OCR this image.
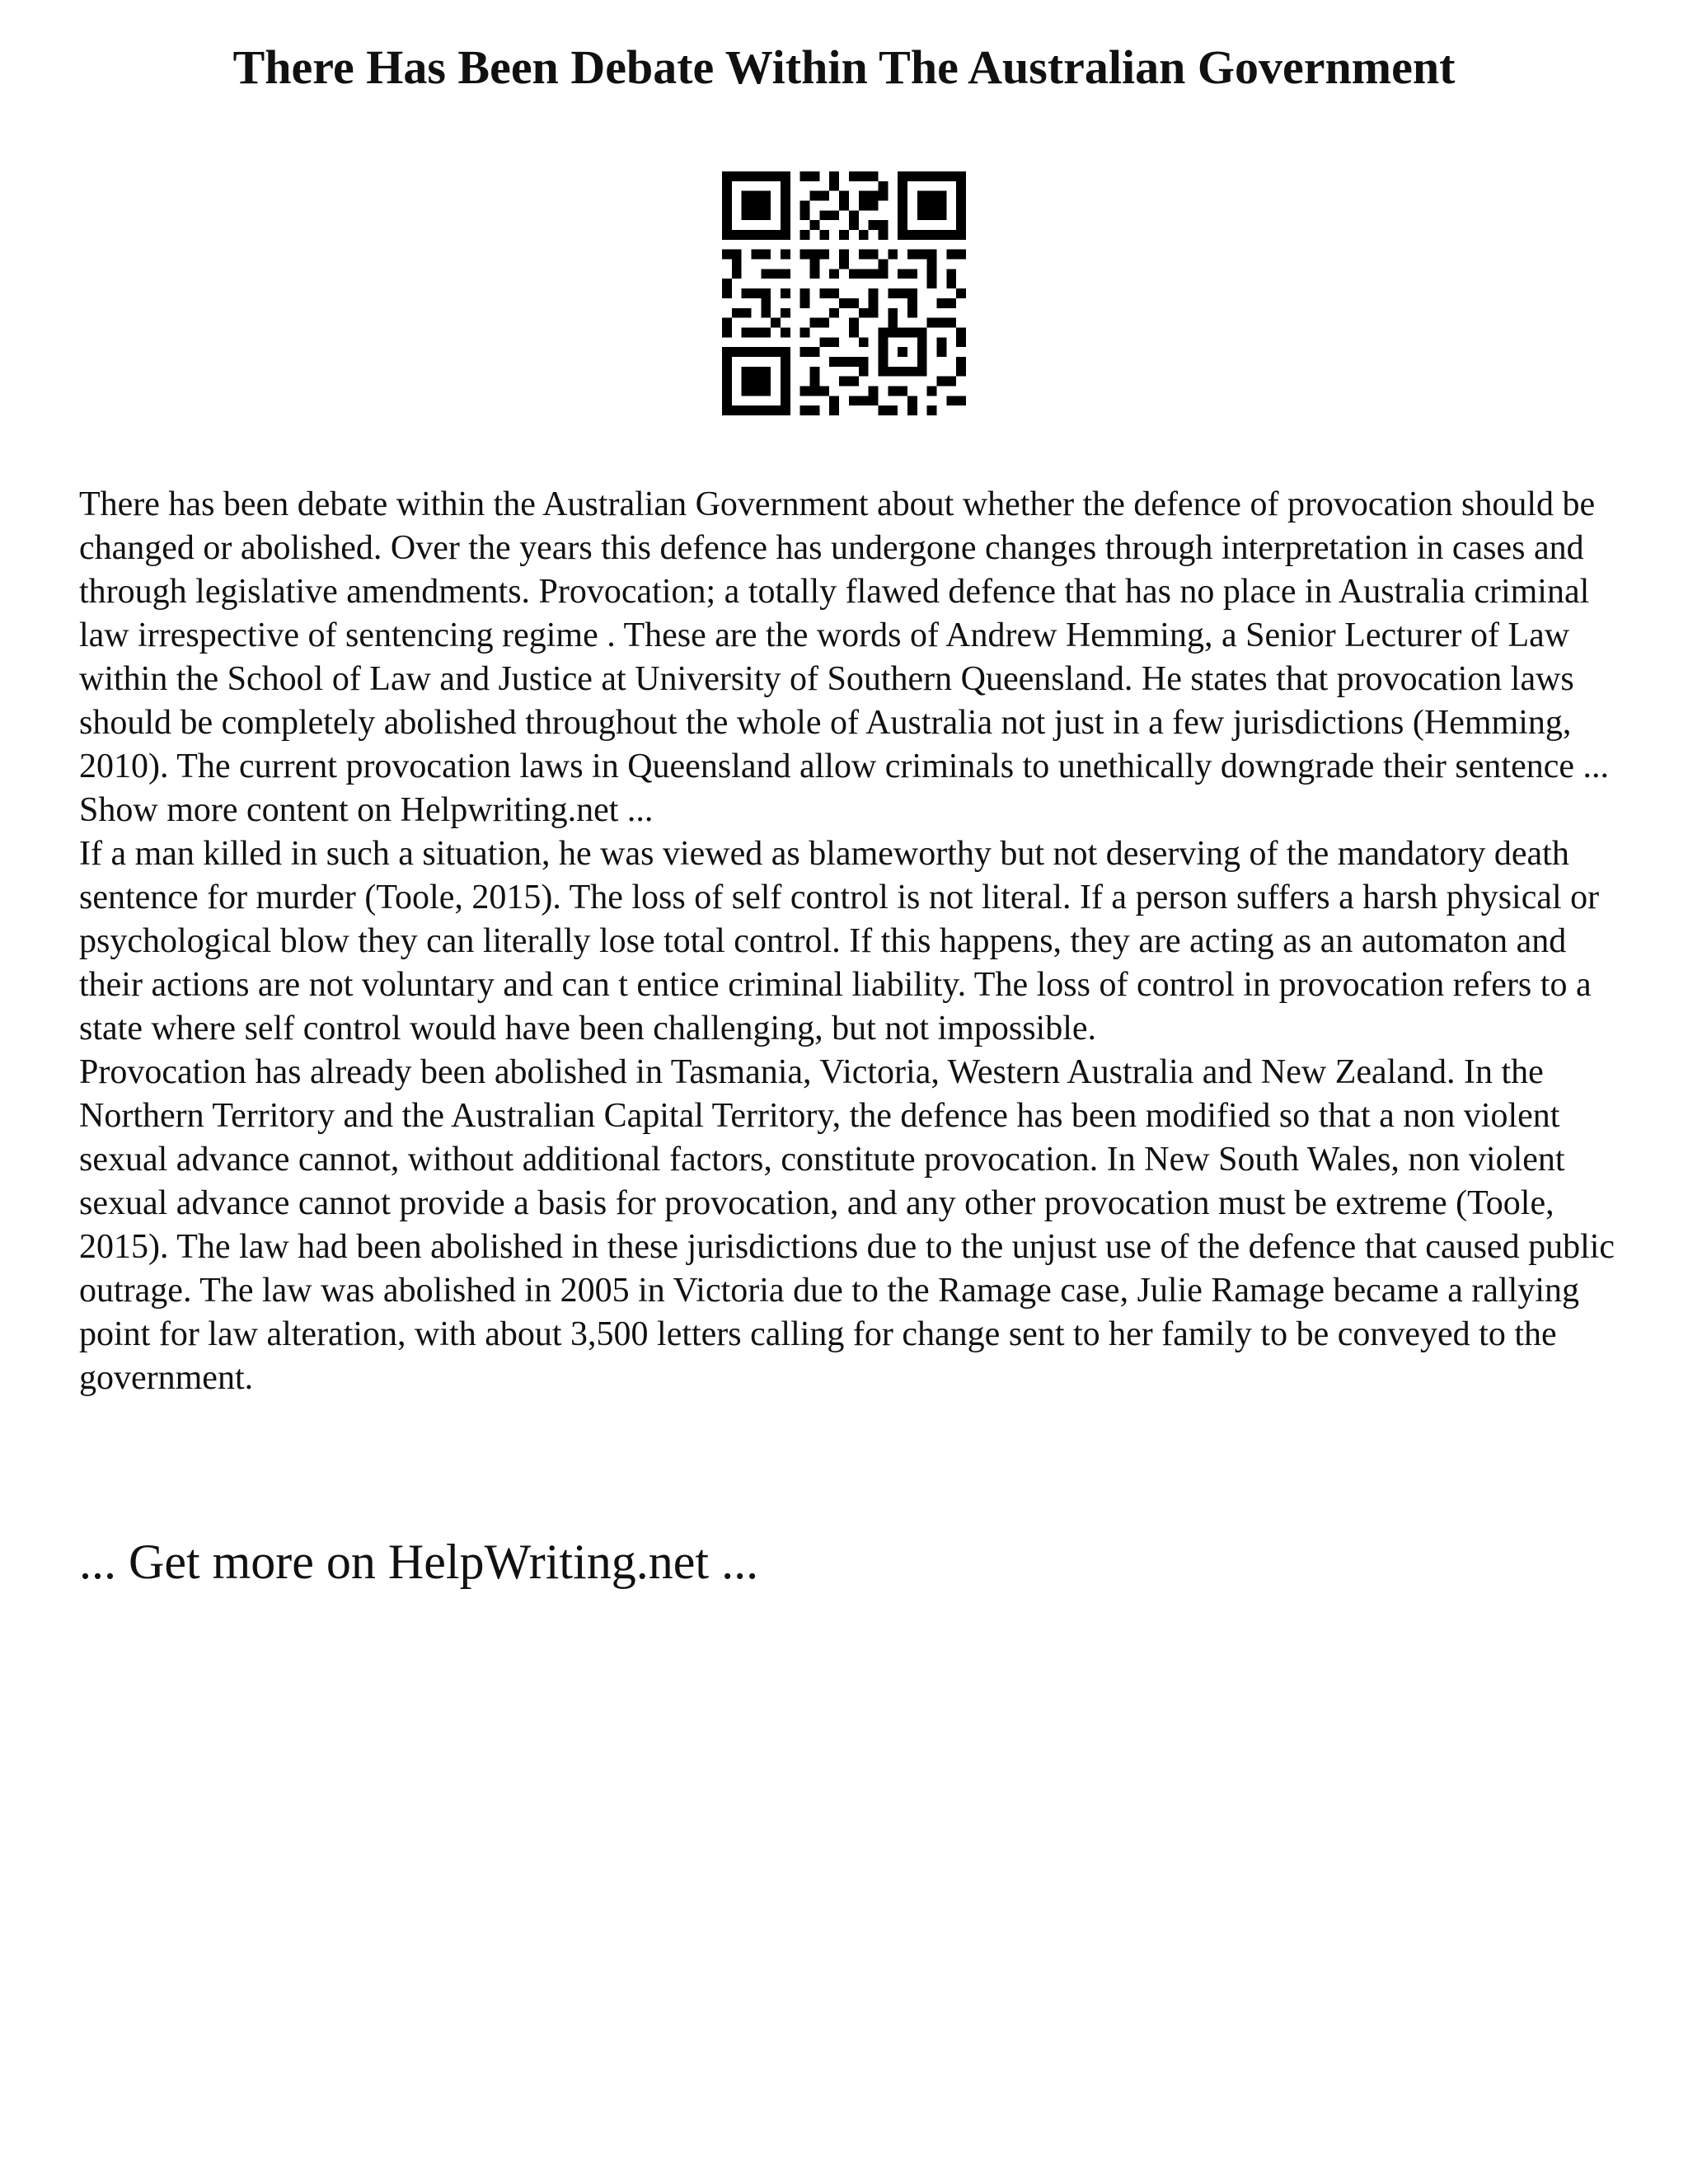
There Has Been Debate Within The Australian Government

There has been debate within the Australian Government about whether the defence of provocation should be changed or abolished. Over the years this defence has undergone changes through interpretation in cases and through legislative amendments. Provocation; a totally flawed defence that has no place in Australia criminal law irrespective of sentencing regime . These are the words of Andrew Hemming, a Senior Lecturer of Law within the School of Law and Justice at University of Southern Queensland. He states that provocation laws should be completely abolished throughout the whole of Australia not just in a few jurisdictions (Hemming, 2010). The current provocation laws in Queensland allow criminals to unethically downgrade their sentence ... Show more content on Helpwriting.net ...

If a man killed in such a situation, he was viewed as blameworthy but not deserving of the mandatory death sentence for murder (Toole, 2015). The loss of self control is not literal. If a person suffers a harsh physical or psychological blow they can literally lose total control. If this happens, they are acting as an automaton and their actions are not voluntary and can t entice criminal liability. The loss of control in provocation refers to a state where self control would have been challenging, but not impossible.

Provocation has already been abolished in Tasmania, Victoria, Western Australia and New Zealand. In the Northern Territory and the Australian Capital Territory, the defence has been modified so that a non violent sexual advance cannot, without additional factors, constitute provocation. In New South Wales, non violent sexual advance cannot provide a basis for provocation, and any other provocation must be extreme (Toole, 2015). The law had been abolished in these jurisdictions due to the unjust use of the defence that caused public outrage. The law was abolished in 2005 in Victoria due to the Ramage case, Julie Ramage became a rallying point for law alteration, with about 3,500 letters calling for change sent to her family to be conveyed to the government.

... Get more on HelpWriting.net ...
